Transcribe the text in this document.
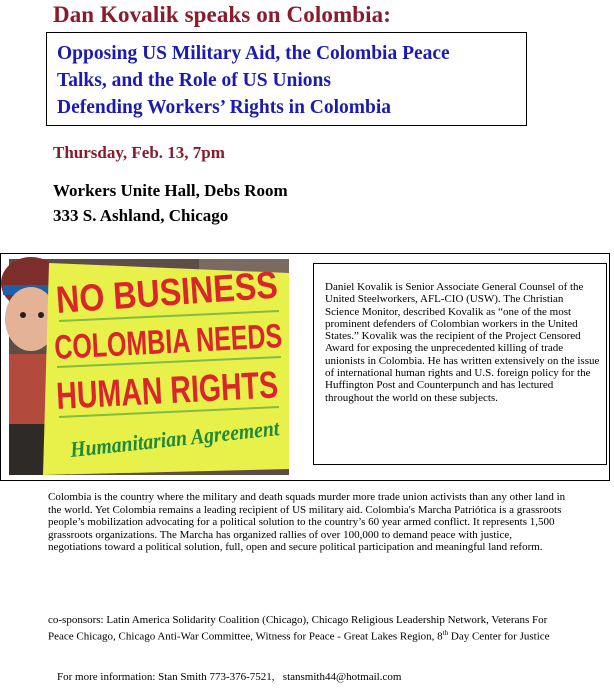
Dan Kovalik speaks on Colombia:
Opposing US Military Aid, the Colombia Peace
Talks, and the Role of US Unions
Defending Workers’ Rights in Colombia
Thursday, Feb. 13, 7pm
Workers Unite Hall, Debs Room
333 S. Ashland, Chicago
NO BUSINESS
COLOMBIA NEEDS
HUMAN RIGHTS
Humanitarian Agreement
Daniel Kovalik is Senior Associate General Counsel of the United Steelworkers, AFL-CIO (USW). The Christian Science Monitor, described Kovalik as “one of the most prominent defenders of Colombian workers in the United States.” Kovalik was the recipient of the Project Censored Award for exposing the unprecedented killing of trade unionists in Colombia. He has written extensively on the issue of international human rights and U.S. foreign policy for the Huffington Post and Counterpunch and has lectured throughout the world on these subjects.
Colombia is the country where the military and death squads murder more trade union activists than any other land in the world. Yet Colombia remains a leading recipient of US military aid. Colombia's Marcha Patriótica is a grassroots people’s mobilization advocating for a political solution to the country’s 60 year armed conflict. It represents 1,500 grassroots organizations. The Marcha has organized rallies of over 100,000 to demand peace with justice, negotiations toward a political solution, full, open and secure political participation and meaningful land reform.
co-sponsors: Latin America Solidarity Coalition (Chicago), Chicago Religious Leadership Network, Veterans For Peace Chicago, Chicago Anti-War Committee, Witness for Peace - Great Lakes Region, 8th Day Center for Justice
For more information: Stan Smith 773-376-7521, stansmith44@hotmail.com
